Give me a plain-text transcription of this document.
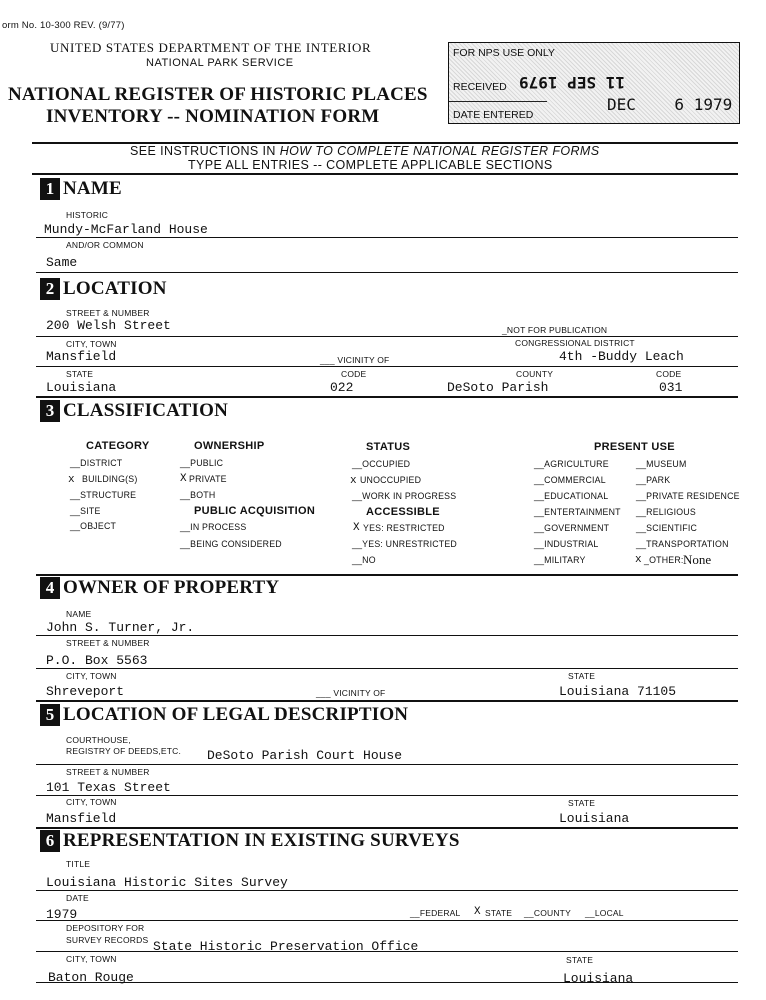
orm No. 10-300 REV. (9/77)
UNITED STATES DEPARTMENT OF THE INTERIOR
NATIONAL PARK SERVICE
NATIONAL REGISTER OF HISTORIC PLACES
INVENTORY -- NOMINATION FORM
FOR NPS USE ONLY
RECEIVED 11 SEP 1979
DEC    6 1979
DATE ENTERED
SEE INSTRUCTIONS IN HOW TO COMPLETE NATIONAL REGISTER FORMS
TYPE ALL ENTRIES -- COMPLETE APPLICABLE SECTIONS
1 NAME
HISTORIC
Mundy-McFarland House
AND/OR COMMON
Same
2 LOCATION
STREET & NUMBER
200 Welsh Street	_NOT FOR PUBLICATION
CITY, TOWN	CONGRESSIONAL DISTRICT
Mansfield	___ VICINITY OF	4th -Buddy Leach
STATE	CODE	COUNTY	CODE
Louisiana	022	DeSoto Parish	031
3 CLASSIFICATION
CATEGORY
__DISTRICT
x BUILDING(S)
__STRUCTURE
__SITE
__OBJECT
OWNERSHIP
__PUBLIC
X PRIVATE
__BOTH
PUBLIC ACQUISITION
__IN PROCESS
__BEING CONSIDERED
STATUS
__OCCUPIED
x UNOCCUPIED
__WORK IN PROGRESS
ACCESSIBLE
X YES: RESTRICTED
__YES: UNRESTRICTED
__NO
PRESENT USE
__AGRICULTURE
__COMMERCIAL
__EDUCATIONAL
__ENTERTAINMENT
__GOVERNMENT
__INDUSTRIAL
__MILITARY
__MUSEUM
__PARK
__PRIVATE RESIDENCE
__RELIGIOUS
__SCIENTIFIC
__TRANSPORTATION
x _OTHER: None
4 OWNER OF PROPERTY
NAME
John S. Turner, Jr.
STREET & NUMBER
P.O. Box 5563
CITY, TOWN	STATE
Shreveport	___ VICINITY OF	Louisiana 71105
5 LOCATION OF LEGAL DESCRIPTION
COURTHOUSE,
REGISTRY OF DEEDS,ETC. DeSoto Parish Court House
STREET & NUMBER
101 Texas Street
CITY, TOWN	STATE
Mansfield	Louisiana
6 REPRESENTATION IN EXISTING SURVEYS
TITLE
Louisiana Historic Sites Survey
DATE
1979	__FEDERAL X STATE __COUNTY __LOCAL
DEPOSITORY FOR
SURVEY RECORDS State Historic Preservation Office
CITY, TOWN	STATE
Baton Rouge	Louisiana
